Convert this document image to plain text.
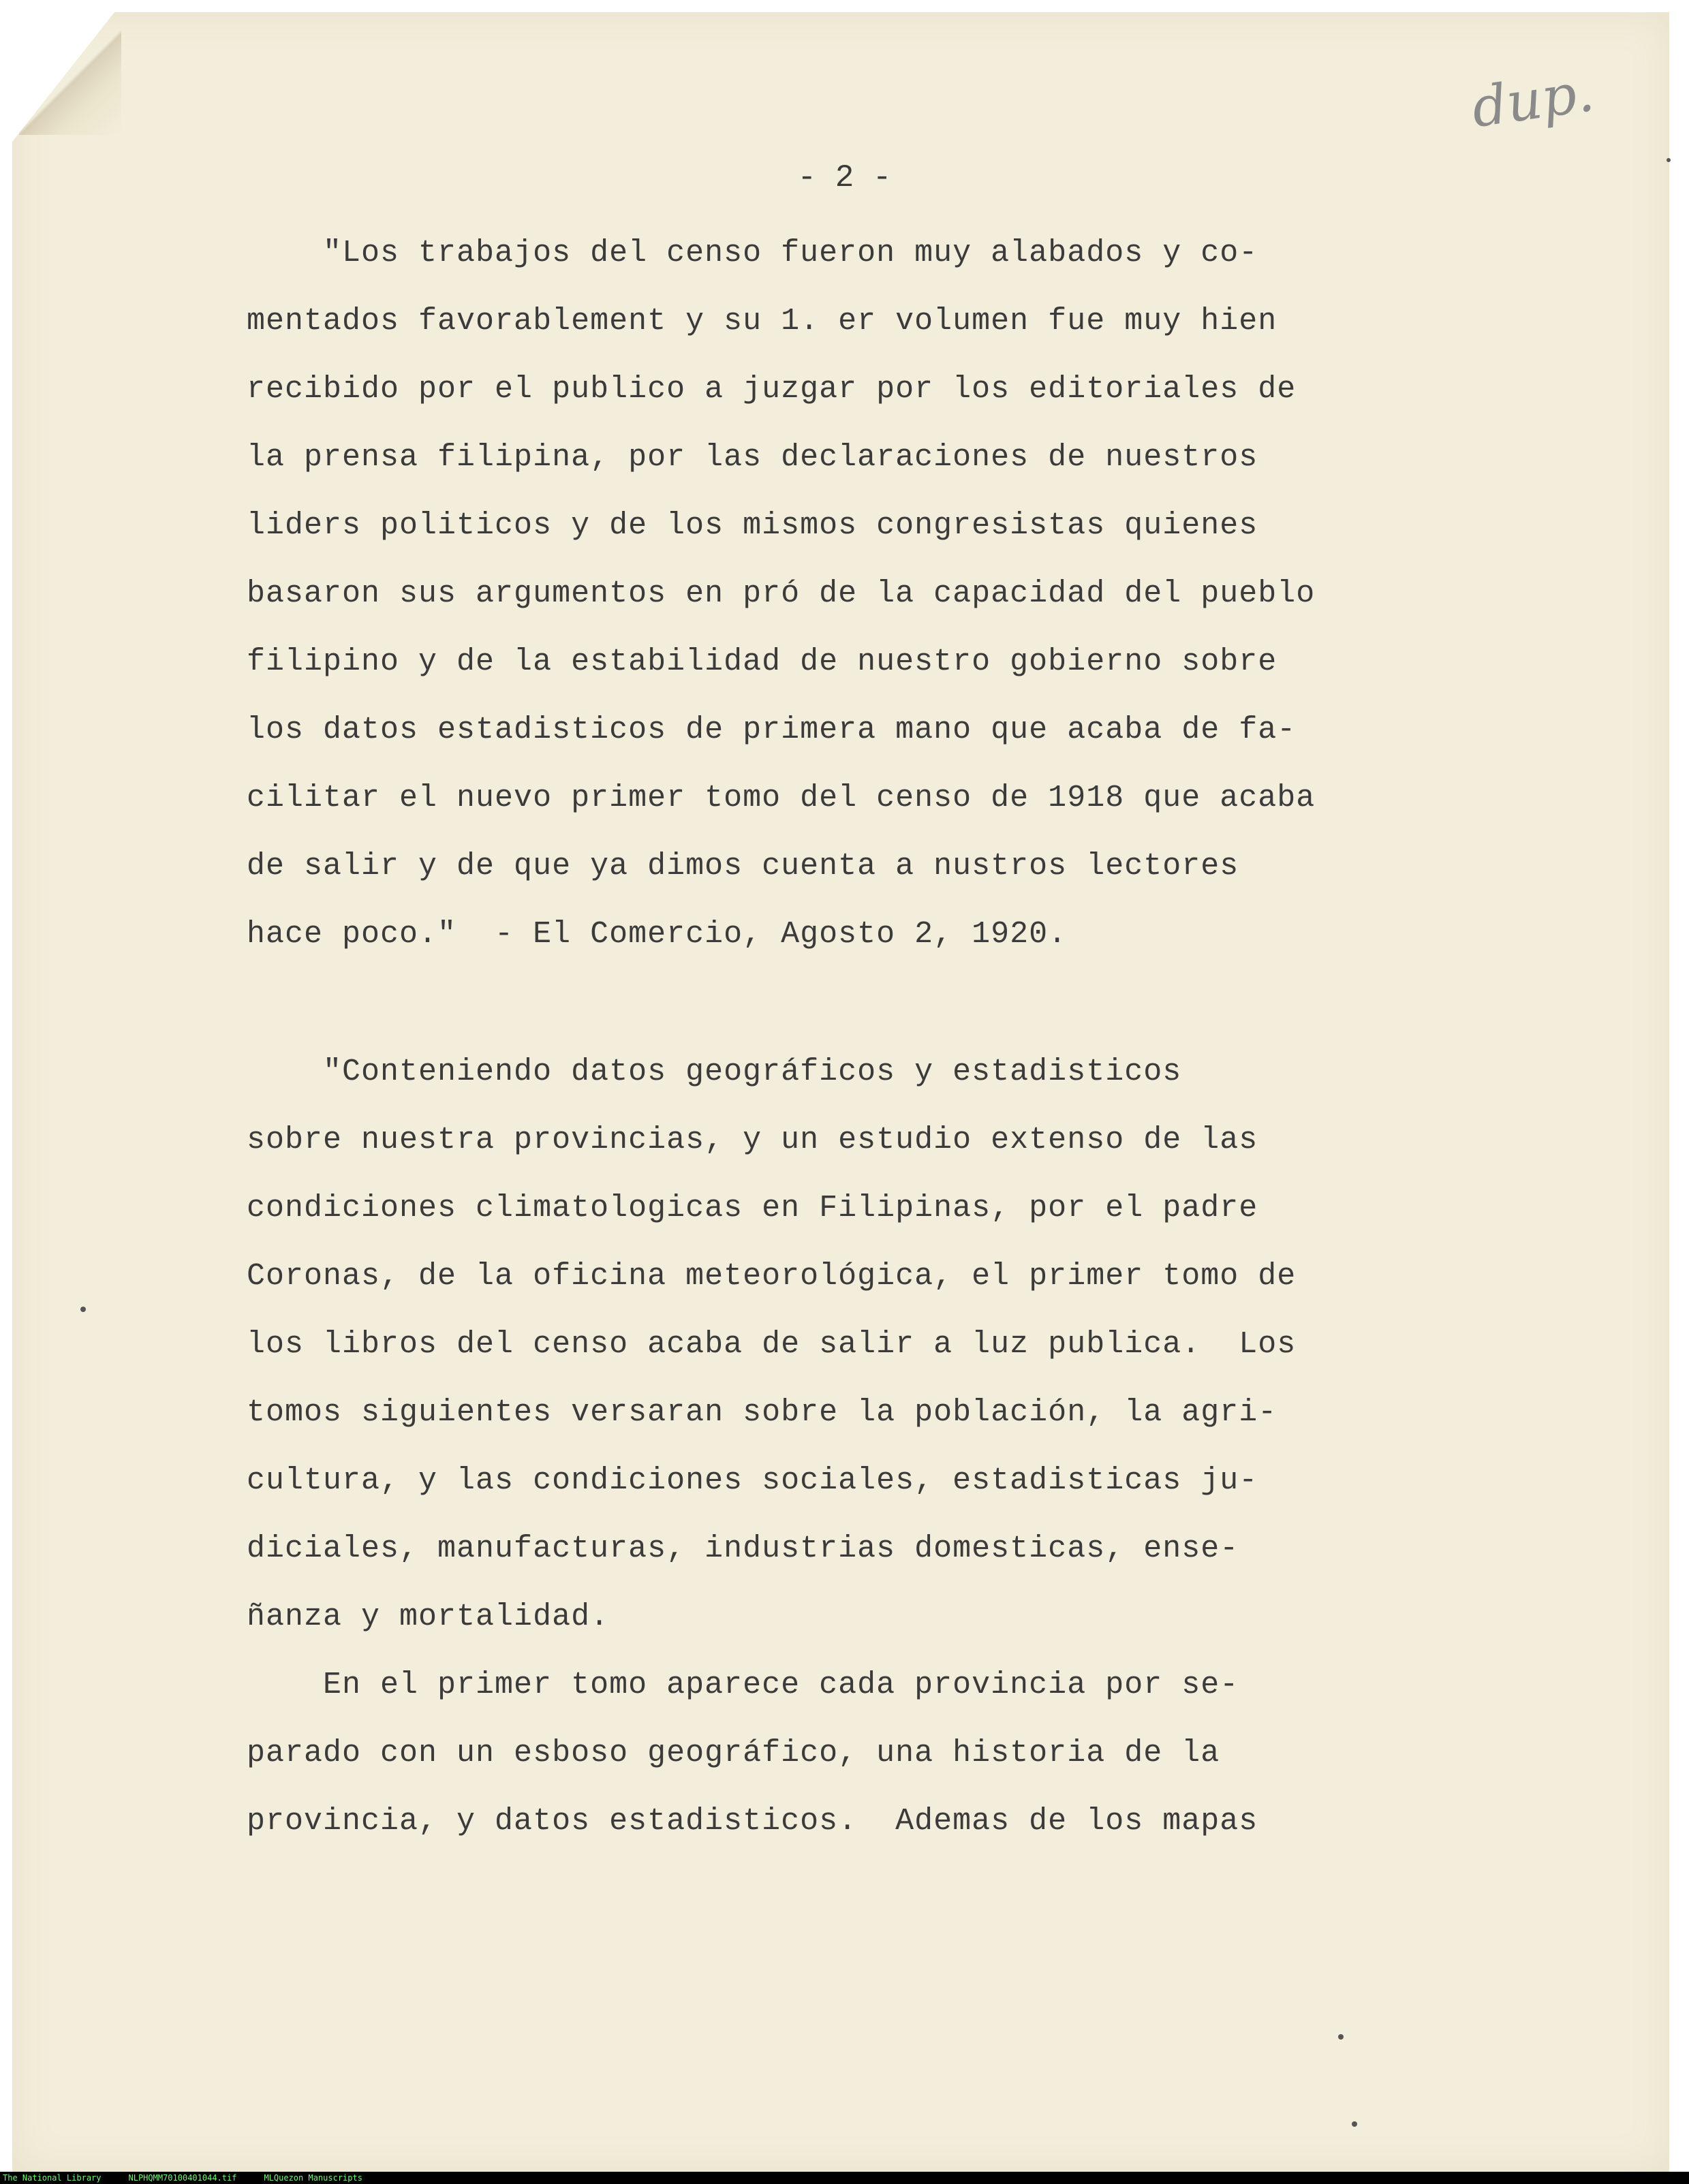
dup.
- 2 -
"Los trabajos del censo fueron muy alabados y co-
mentados favorablement y su 1. er volumen fue muy hien
recibido por el publico a juzgar por los editoriales de
la prensa filipina, por las declaraciones de nuestros
liders politicos y de los mismos congresistas quienes
basaron sus argumentos en pró de la capacidad del pueblo
filipino y de la estabilidad de nuestro gobierno sobre
los datos estadisticos de primera mano que acaba de fa-
cilitar el nuevo primer tomo del censo de 1918 que acaba
de salir y de que ya dimos cuenta a nustros lectores
hace poco."  - El Comercio, Agosto 2, 1920.
"Conteniendo datos geográficos y estadisticos
sobre nuestra provincias, y un estudio extenso de las
condiciones climatologicas en Filipinas, por el padre
Coronas, de la oficina meteorológica, el primer tomo de
los libros del censo acaba de salir a luz publica.  Los
tomos siguientes versaran sobre la población, la agri-
cultura, y las condiciones sociales, estadisticas ju-
diciales, manufacturas, industrias domesticas, ense-
ñanza y mortalidad.
En el primer tomo aparece cada provincia por se-
parado con un esboso geográfico, una historia de la
provincia, y datos estadisticos.  Ademas de los mapas
The National Library	NLPHQMM70100401044.tif	MLQuezon Manuscripts
